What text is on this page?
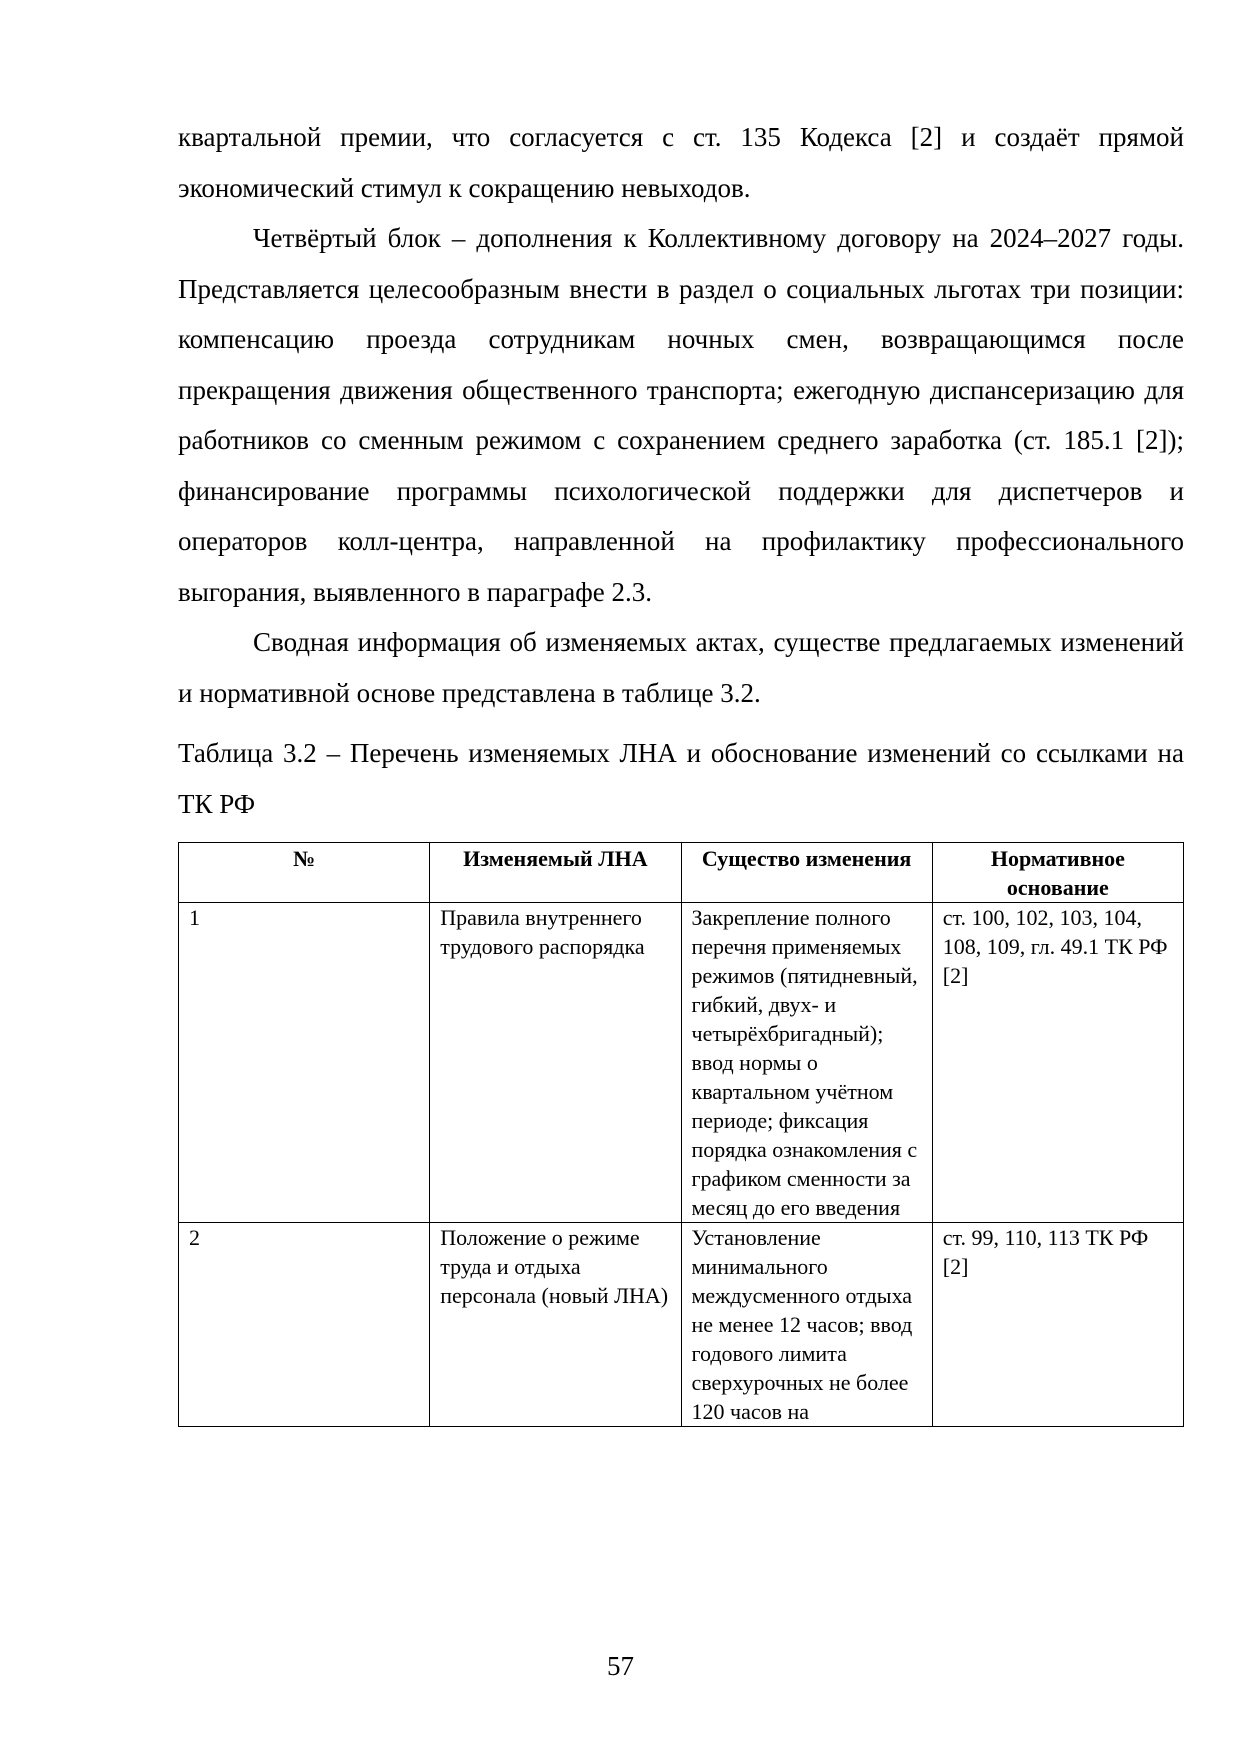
квартальной премии, что согласуется с ст. 135 Кодекса [2] и создаёт прямой экономический стимул к сокращению невыходов.

Четвёртый блок – дополнения к Коллективному договору на 2024–2027 годы. Представляется целесообразным внести в раздел о социальных льготах три позиции: компенсацию проезда сотрудникам ночных смен, возвращающимся после прекращения движения общественного транспорта; ежегодную диспансеризацию для работников со сменным режимом с сохранением среднего заработка (ст. 185.1 [2]); финансирование программы психологической поддержки для диспетчеров и операторов колл-центра, направленной на профилактику профессионального выгорания, выявленного в параграфе 2.3.

Сводная информация об изменяемых актах, существе предлагаемых изменений и нормативной основе представлена в таблице 3.2.

Таблица 3.2 – Перечень изменяемых ЛНА и обоснование изменений со ссылками на ТК РФ

№	Изменяемый ЛНА	Существо изменения	Нормативное основание
1	Правила внутреннего трудового распорядка	Закрепление полного перечня применяемых режимов (пятидневный, гибкий, двух- и четырёхбригадный); ввод нормы о квартальном учётном периоде; фиксация порядка ознакомления с графиком сменности за месяц до его введения	ст. 100, 102, 103, 104, 108, 109, гл. 49.1 ТК РФ [2]
2	Положение о режиме труда и отдыха персонала (новый ЛНА)	Установление минимального междусменного отдыха не менее 12 часов; ввод годового лимита сверхурочных не более 120 часов на	ст. 99, 110, 113 ТК РФ [2]
57
